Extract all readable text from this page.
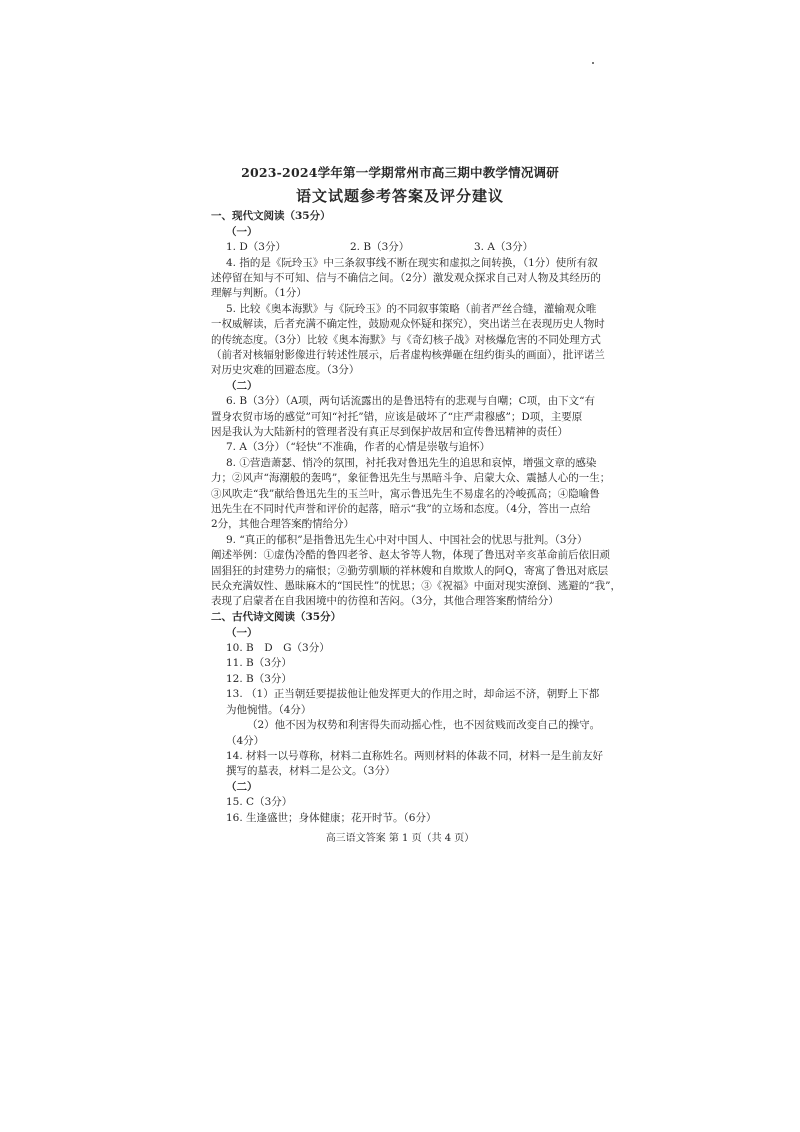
2023-2024学年第一学期常州市高三期中教学情况调研
语文试题参考答案及评分建议
一、现代文阅读（35分）
（一）
1. D（3分）	2. B（3分）	3. A（3分）
4. 指的是《阮玲玉》中三条叙事线不断在现实和虚拟之间转换，（1分）使所有叙
述停留在知与不可知、信与不确信之间。（2分）激发观众探求自己对人物及其经历的
理解与判断。（1分）
5. 比较《奥本海默》与《阮玲玉》的不同叙事策略（前者严丝合缝，灌输观众唯
一权威解读，后者充满不确定性，鼓励观众怀疑和探究），突出诺兰在表现历史人物时
的传统态度。（3分）比较《奥本海默》与《奇幻核子战》对核爆危害的不同处理方式
（前者对核辐射影像进行转述性展示，后者虚构核弹砸在纽约街头的画面），批评诺兰
对历史灾难的回避态度。（3分）
（二）
6. B（3分）（A项，两句话流露出的是鲁迅特有的悲观与自嘲；C项，由下文“有
置身农贸市场的感觉”可知“衬托”错，应该是破坏了“庄严肃穆感”；D项，主要原
因是我认为大陆新村的管理者没有真正尽到保护故居和宣传鲁迅精神的责任）
7. A（3分）（“轻快”不准确，作者的心情是崇敬与追怀）
8. ①营造萧瑟、悄冷的氛围，衬托我对鲁迅先生的追思和哀悼，增强文章的感染
力；②风声“海潮般的轰鸣”，象征鲁迅先生与黑暗斗争、启蒙大众、震撼人心的一生；
③风吹走“我”献给鲁迅先生的玉兰叶，寓示鲁迅先生不易虚名的冷峻孤高；④隐喻鲁
迅先生在不同时代声誉和评价的起落，暗示“我”的立场和态度。（4分，答出一点给
2分，其他合理答案酌情给分）
9. “真正的郁积”是指鲁迅先生心中对中国人、中国社会的忧思与批判。（3分）
阐述举例：①虚伪冷酷的鲁四老爷、赵太爷等人物，体现了鲁迅对辛亥革命前后依旧顽
固猖狂的封建势力的痛恨；②勤劳驯顺的祥林嫂和自欺欺人的阿Q，寄寓了鲁迅对底层
民众充满奴性、愚昧麻木的“国民性”的忧思；③《祝福》中面对现实潦倒、逃避的“我”，
表现了启蒙者在自我困境中的彷徨和苦闷。（3分，其他合理答案酌情给分）
二、古代诗文阅读（35分）
（一）
10. B　D　G（3分）
11. B（3分）
12. B（3分）
13. （1）正当朝廷要提拔他让他发挥更大的作用之时，却命运不济，朝野上下都
为他惋惜。（4分）
（2）他不因为权势和利害得失而动摇心性，也不因贫贱而改变自己的操守。
（4分）
14. 材料一以号尊称，材料二直称姓名。两则材料的体裁不同，材料一是生前友好
撰写的墓表，材料二是公文。（3分）
（二）
15. C（3分）
16. 生逢盛世；身体健康；花开时节。（6分）
高三语文答案 第 1 页（共 4 页）
